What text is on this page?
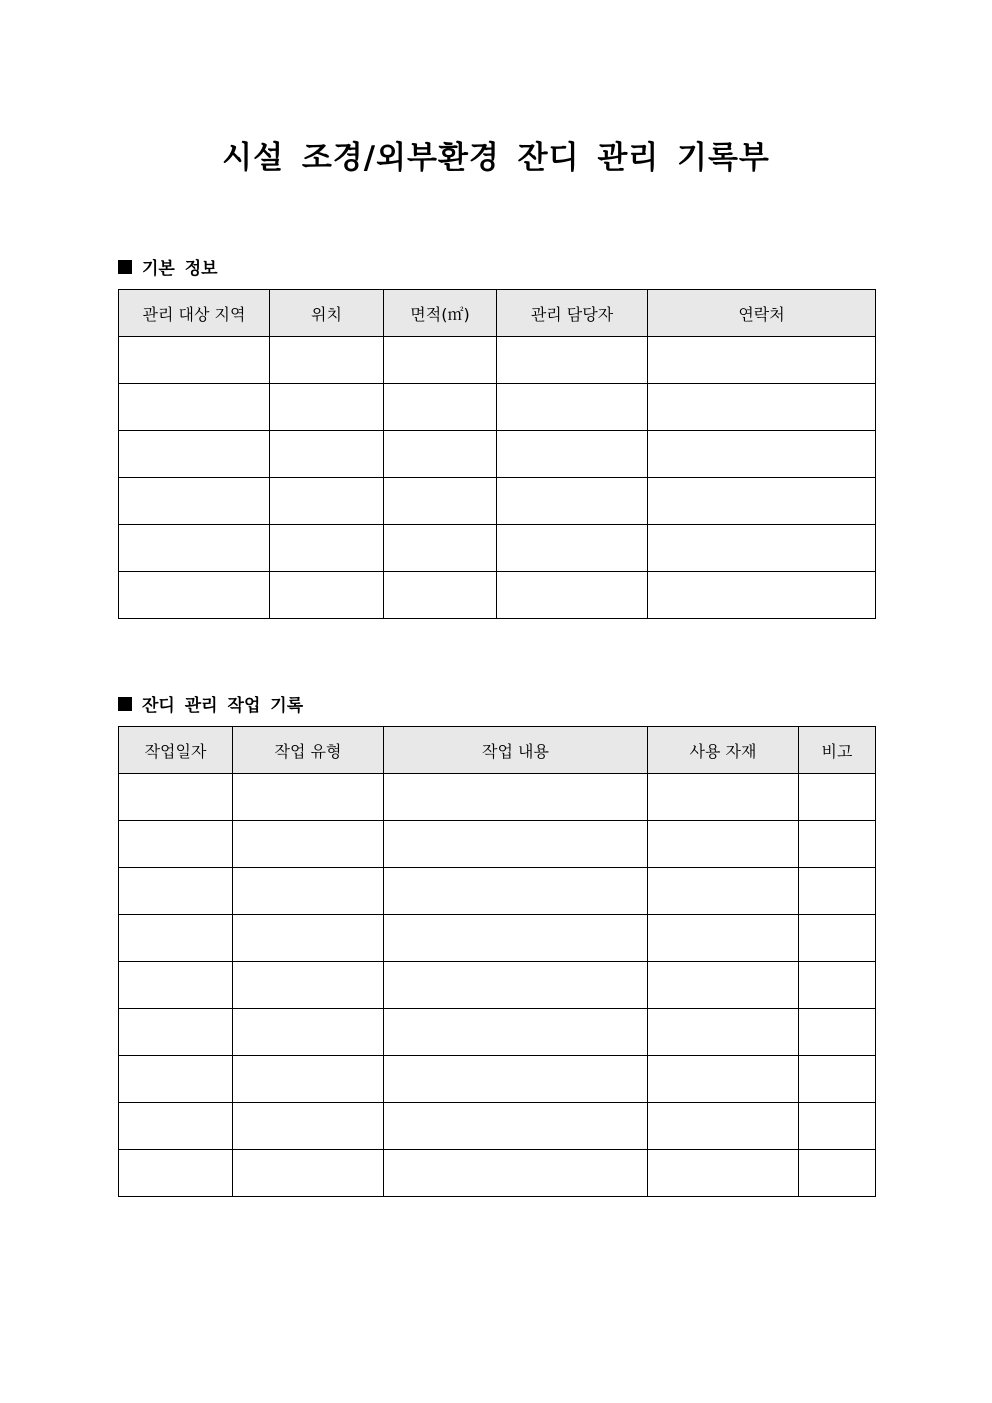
시설 조경/외부환경 잔디 관리 기록부
기본 정보
관리 대상 지역	위치	면적(㎡)	관리 담당자	연락처

잔디 관리 작업 기록
작업일자	작업 유형	작업 내용	사용 자재	비고
